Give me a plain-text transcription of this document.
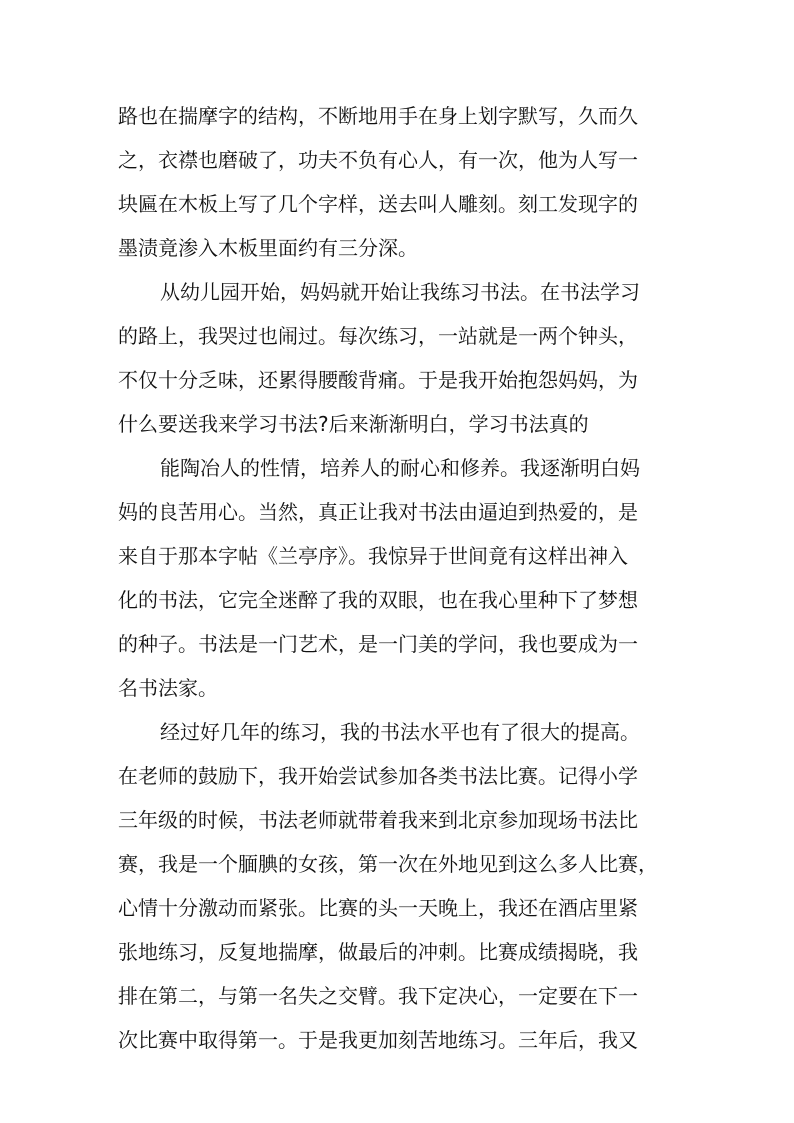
路也在揣摩字的结构，不断地用手在身上划字默写，久而久
之，衣襟也磨破了，功夫不负有心人，有一次，他为人写一
块匾在木板上写了几个字样，送去叫人雕刻。刻工发现字的
墨渍竟渗入木板里面约有三分深。
从幼儿园开始，妈妈就开始让我练习书法。在书法学习
的路上，我哭过也闹过。每次练习，一站就是一两个钟头，
不仅十分乏味，还累得腰酸背痛。于是我开始抱怨妈妈，为
什么要送我来学习书法?后来渐渐明白，学习书法真的
能陶冶人的性情，培养人的耐心和修养。我逐渐明白妈
妈的良苦用心。当然，真正让我对书法由逼迫到热爱的，是
来自于那本字帖《兰亭序》。我惊异于世间竟有这样出神入
化的书法，它完全迷醉了我的双眼，也在我心里种下了梦想
的种子。书法是一门艺术，是一门美的学问，我也要成为一
名书法家。
经过好几年的练习，我的书法水平也有了很大的提高。
在老师的鼓励下，我开始尝试参加各类书法比赛。记得小学
三年级的时候，书法老师就带着我来到北京参加现场书法比
赛，我是一个腼腆的女孩，第一次在外地见到这么多人比赛，
心情十分激动而紧张。比赛的头一天晚上，我还在酒店里紧
张地练习，反复地揣摩，做最后的冲刺。比赛成绩揭晓，我
排在第二，与第一名失之交臂。我下定决心，一定要在下一
次比赛中取得第一。于是我更加刻苦地练习。三年后，我又
